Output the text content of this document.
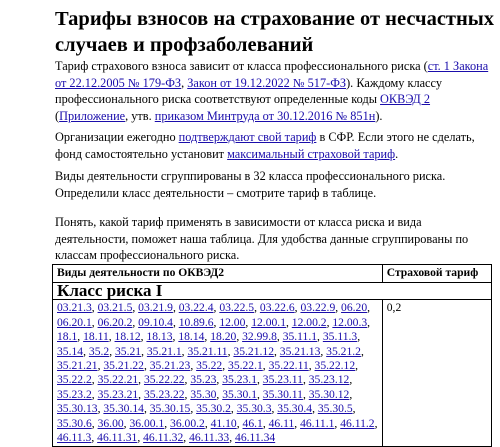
Тарифы взносов на страхование от несчастных случаев и профзаболеваний

Тариф страхового взноса зависит от класса профессионального риска (ст. 1 Закона от 22.12.2005 № 179-ФЗ, Закон от 19.12.2022 № 517-ФЗ). Каждому классу профессионального риска соответствуют определенные коды ОКВЭД 2 (Приложение, утв. приказом Минтруда от 30.12.2016 № 851н).

Организации ежегодно подтверждают свой тариф в СФР. Если этого не сделать, фонд самостоятельно установит максимальный страховой тариф.

Виды деятельности сгруппированы в 32 класса профессионального риска. Определили класс деятельности – смотрите тариф в таблице.

Понять, какой тариф применять в зависимости от класса риска и вида деятельности, поможет наша таблица. Для удобства данные сгруппированы по классам профессионального риска.

Виды деятельности по ОКВЭД2	Страховой тариф
Класс риска I	
03.21.3, 03.21.5, 03.21.9, 03.22.4, 03.22.5, 03.22.6, 03.22.9, 06.20, 06.20.1, 06.20.2, 09.10.4, 10.89.6, 12.00, 12.00.1, 12.00.2, 12.00.3, 18.1, 18.11, 18.12, 18.13, 18.14, 18.20, 32.99.8, 35.11.1, 35.11.3, 35.14, 35.2, 35.21, 35.21.1, 35.21.11, 35.21.12, 35.21.13, 35.21.2, 35.21.21, 35.21.22, 35.21.23, 35.22, 35.22.1, 35.22.11, 35.22.12, 35.22.2, 35.22.21, 35.22.22, 35.23, 35.23.1, 35.23.11, 35.23.12, 35.23.2, 35.23.21, 35.23.22, 35.30, 35.30.1, 35.30.11, 35.30.12, 35.30.13, 35.30.14, 35.30.15, 35.30.2, 35.30.3, 35.30.4, 35.30.5, 35.30.6, 36.00, 36.00.1, 36.00.2, 41.10, 46.1, 46.11, 46.11.1, 46.11.2, 46.11.3, 46.11.31, 46.11.32, 46.11.33, 46.11.34	0,2
